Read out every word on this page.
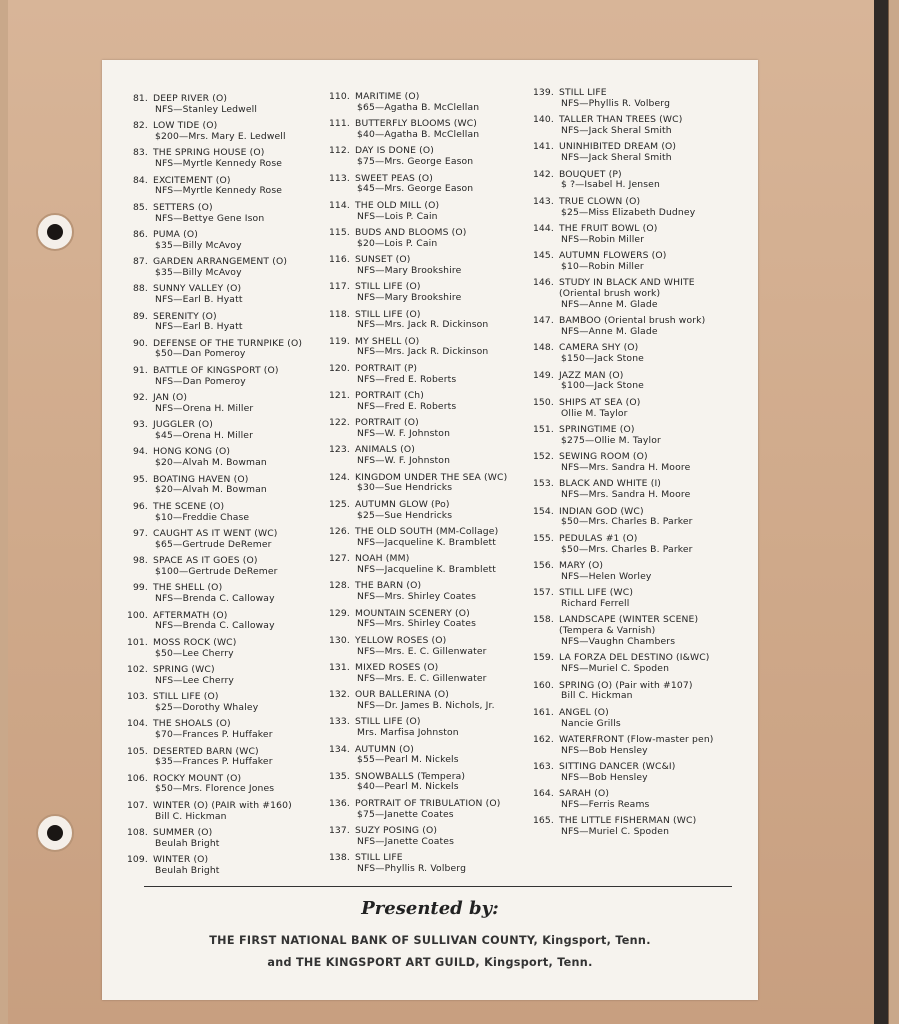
81. DEEP RIVER (O)
NFS—Stanley Ledwell
82. LOW TIDE (O)
$200—Mrs. Mary E. Ledwell
83. THE SPRING HOUSE (O)
NFS—Myrtle Kennedy Rose
84. EXCITEMENT (O)
NFS—Myrtle Kennedy Rose
85. SETTERS (O)
NFS—Bettye Gene Ison
86. PUMA (O)
$35—Billy McAvoy
87. GARDEN ARRANGEMENT (O)
$35—Billy McAvoy
88. SUNNY VALLEY (O)
NFS—Earl B. Hyatt
89. SERENITY (O)
NFS—Earl B. Hyatt
90. DEFENSE OF THE TURNPIKE (O)
$50—Dan Pomeroy
91. BATTLE OF KINGSPORT (O)
NFS—Dan Pomeroy
92. JAN (O)
NFS—Orena H. Miller
93. JUGGLER (O)
$45—Orena H. Miller
94. HONG KONG (O)
$20—Alvah M. Bowman
95. BOATING HAVEN (O)
$20—Alvah M. Bowman
96. THE SCENE (O)
$10—Freddie Chase
97. CAUGHT AS IT WENT (WC)
$65—Gertrude DeRemer
98. SPACE AS IT GOES (O)
$100—Gertrude DeRemer
99. THE SHELL (O)
NFS—Brenda C. Calloway
100. AFTERMATH (O)
NFS—Brenda C. Calloway
101. MOSS ROCK (WC)
$50—Lee Cherry
102. SPRING (WC)
NFS—Lee Cherry
103. STILL LIFE (O)
$25—Dorothy Whaley
104. THE SHOALS (O)
$70—Frances P. Huffaker
105. DESERTED BARN (WC)
$35—Frances P. Huffaker
106. ROCKY MOUNT (O)
$50—Mrs. Florence Jones
107. WINTER (O) (PAIR with #160)
Bill C. Hickman
108. SUMMER (O)
Beulah Bright
109. WINTER (O)
Beulah Bright
110. MARITIME (O)
$65—Agatha B. McClellan
111. BUTTERFLY BLOOMS (WC)
$40—Agatha B. McClellan
112. DAY IS DONE (O)
$75—Mrs. George Eason
113. SWEET PEAS (O)
$45—Mrs. George Eason
114. THE OLD MILL (O)
NFS—Lois P. Cain
115. BUDS AND BLOOMS (O)
$20—Lois P. Cain
116. SUNSET (O)
NFS—Mary Brookshire
117. STILL LIFE (O)
NFS—Mary Brookshire
118. STILL LIFE (O)
NFS—Mrs. Jack R. Dickinson
119. MY SHELL (O)
NFS—Mrs. Jack R. Dickinson
120. PORTRAIT (P)
NFS—Fred E. Roberts
121. PORTRAIT (Ch)
NFS—Fred E. Roberts
122. PORTRAIT (O)
NFS—W. F. Johnston
123. ANIMALS (O)
NFS—W. F. Johnston
124. KINGDOM UNDER THE SEA (WC)
$30—Sue Hendricks
125. AUTUMN GLOW (Po)
$25—Sue Hendricks
126. THE OLD SOUTH (MM-Collage)
NFS—Jacqueline K. Bramblett
127. NOAH (MM)
NFS—Jacqueline K. Bramblett
128. THE BARN (O)
NFS—Mrs. Shirley Coates
129. MOUNTAIN SCENERY (O)
NFS—Mrs. Shirley Coates
130. YELLOW ROSES (O)
NFS—Mrs. E. C. Gillenwater
131. MIXED ROSES (O)
NFS—Mrs. E. C. Gillenwater
132. OUR BALLERINA (O)
NFS—Dr. James B. Nichols, Jr.
133. STILL LIFE (O)
Mrs. Marfisa Johnston
134. AUTUMN (O)
$55—Pearl M. Nickels
135. SNOWBALLS (Tempera)
$40—Pearl M. Nickels
136. PORTRAIT OF TRIBULATION (O)
$75—Janette Coates
137. SUZY POSING (O)
NFS—Janette Coates
138. STILL LIFE
NFS—Phyllis R. Volberg
139. STILL LIFE
NFS—Phyllis R. Volberg
140. TALLER THAN TREES (WC)
NFS—Jack Sheral Smith
141. UNINHIBITED DREAM (O)
NFS—Jack Sheral Smith
142. BOUQUET (P)
$ ?—Isabel H. Jensen
143. TRUE CLOWN (O)
$25—Miss Elizabeth Dudney
144. THE FRUIT BOWL (O)
NFS—Robin Miller
145. AUTUMN FLOWERS (O)
$10—Robin Miller
146. STUDY IN BLACK AND WHITE
(Oriental brush work)
NFS—Anne M. Glade
147. BAMBOO (Oriental brush work)
NFS—Anne M. Glade
148. CAMERA SHY (O)
$150—Jack Stone
149. JAZZ MAN (O)
$100—Jack Stone
150. SHIPS AT SEA (O)
Ollie M. Taylor
151. SPRINGTIME (O)
$275—Ollie M. Taylor
152. SEWING ROOM (O)
NFS—Mrs. Sandra H. Moore
153. BLACK AND WHITE (I)
NFS—Mrs. Sandra H. Moore
154. INDIAN GOD (WC)
$50—Mrs. Charles B. Parker
155. PEDULAS #1 (O)
$50—Mrs. Charles B. Parker
156. MARY (O)
NFS—Helen Worley
157. STILL LIFE (WC)
Richard Ferrell
158. LANDSCAPE (WINTER SCENE)
(Tempera & Varnish)
NFS—Vaughn Chambers
159. LA FORZA DEL DESTINO (I&WC)
NFS—Muriel C. Spoden
160. SPRING (O) (Pair with #107)
Bill C. Hickman
161. ANGEL (O)
Nancie Grills
162. WATERFRONT (Flow-master pen)
NFS—Bob Hensley
163. SITTING DANCER (WC&I)
NFS—Bob Hensley
164. SARAH (O)
NFS—Ferris Reams
165. THE LITTLE FISHERMAN (WC)
NFS—Muriel C. Spoden
Presented by:
THE FIRST NATIONAL BANK OF SULLIVAN COUNTY, Kingsport, Tenn.
and THE KINGSPORT ART GUILD, Kingsport, Tenn.
